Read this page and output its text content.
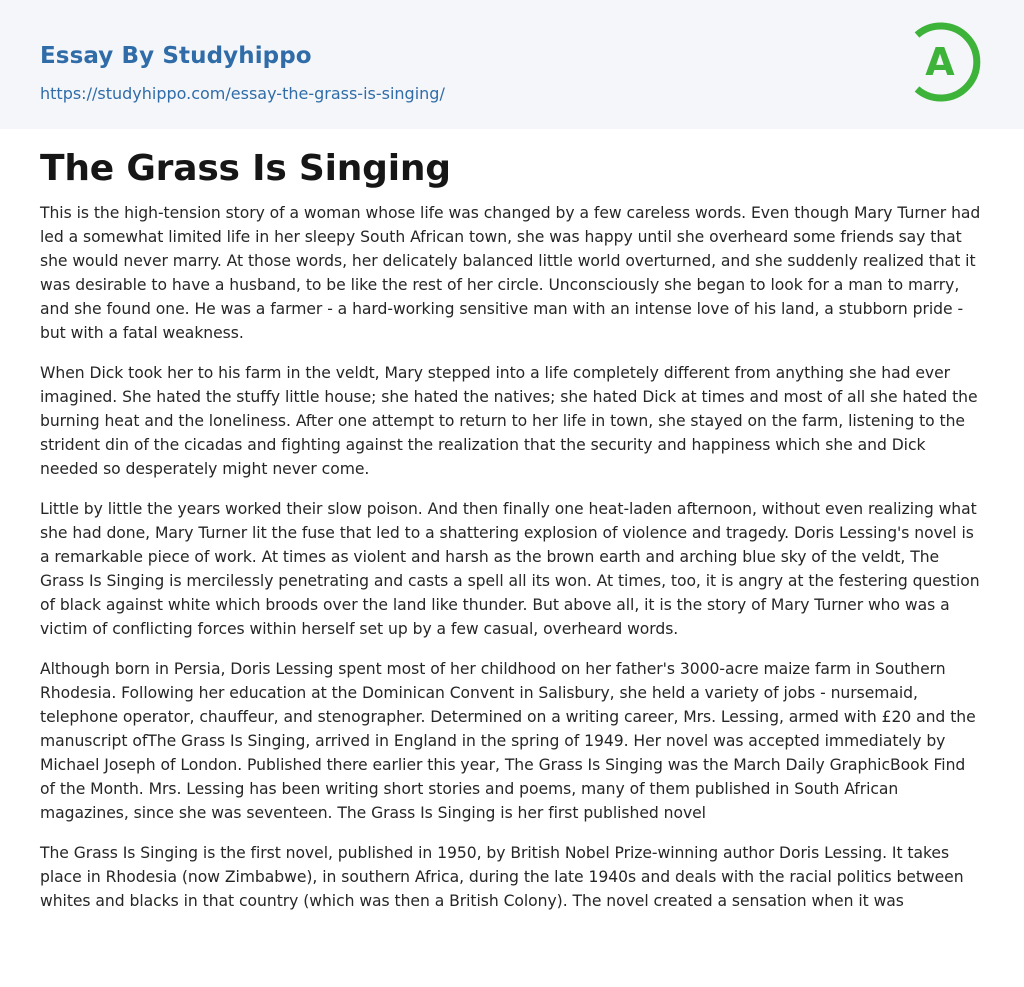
Essay By Studyhippo
https://studyhippo.com/essay-the-grass-is-singing/
A
The Grass Is Singing

This is the high-tension story of a woman whose life was changed by a few careless words. Even though Mary Turner had led a somewhat limited life in her sleepy South African town, she was happy until she overheard some friends say that she would never marry. At those words, her delicately balanced little world overturned, and she suddenly realized that it was desirable to have a husband, to be like the rest of her circle. Unconsciously she began to look for a man to marry, and she found one. He was a farmer - a hard-working sensitive man with an intense love of his land, a stubborn pride - but with a fatal weakness.

When Dick took her to his farm in the veldt, Mary stepped into a life completely different from anything she had ever imagined. She hated the stuffy little house; she hated the natives; she hated Dick at times and most of all she hated the burning heat and the loneliness. After one attempt to return to her life in town, she stayed on the farm, listening to the strident din of the cicadas and fighting against the realization that the security and happiness which she and Dick needed so desperately might never come.

Little by little the years worked their slow poison. And then finally one heat-laden afternoon, without even realizing what she had done, Mary Turner lit the fuse that led to a shattering explosion of violence and tragedy. Doris Lessing's novel is a remarkable piece of work. At times as violent and harsh as the brown earth and arching blue sky of the veldt, The Grass Is Singing is mercilessly penetrating and casts a spell all its won. At times, too, it is angry at the festering question of black against white which broods over the land like thunder. But above all, it is the story of Mary Turner who was a victim of conflicting forces within herself set up by a few casual, overheard words.

Although born in Persia, Doris Lessing spent most of her childhood on her father's 3000-acre maize farm in Southern Rhodesia. Following her education at the Dominican Convent in Salisbury, she held a variety of jobs - nursemaid, telephone operator, chauffeur, and stenographer. Determined on a writing career, Mrs. Lessing, armed with £20 and the manuscript ofThe Grass Is Singing, arrived in England in the spring of 1949. Her novel was accepted immediately by Michael Joseph of London. Published there earlier this year, The Grass Is Singing was the March Daily GraphicBook Find of the Month. Mrs. Lessing has been writing short stories and poems, many of them published in South African magazines, since she was seventeen. The Grass Is Singing is her first published novel

The Grass Is Singing is the first novel, published in 1950, by British Nobel Prize-winning author Doris Lessing. It takes place in Rhodesia (now Zimbabwe), in southern Africa, during the late 1940s and deals with the racial politics between whites and blacks in that country (which was then a British Colony). The novel created a sensation when it was
